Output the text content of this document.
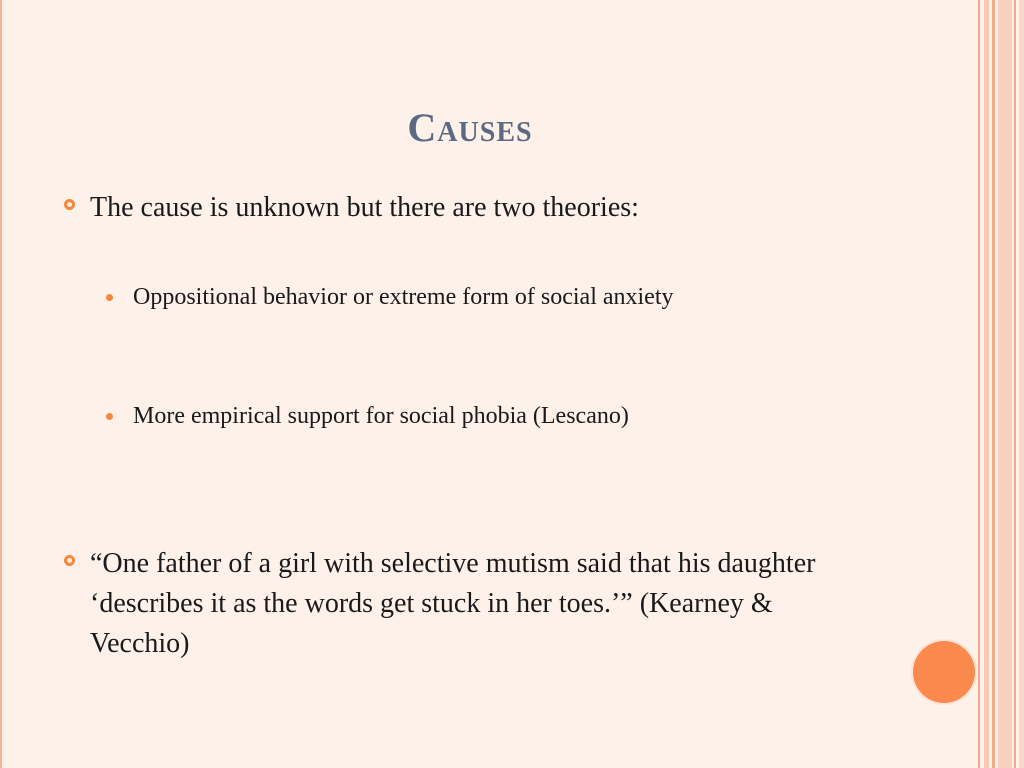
Causes
The cause is unknown but there are two theories:
Oppositional behavior or extreme form of social anxiety
More empirical support for social phobia (Lescano)
“One father of a girl with selective mutism said that his daughter ‘describes it as the words get stuck in her toes.’” (Kearney & Vecchio)
